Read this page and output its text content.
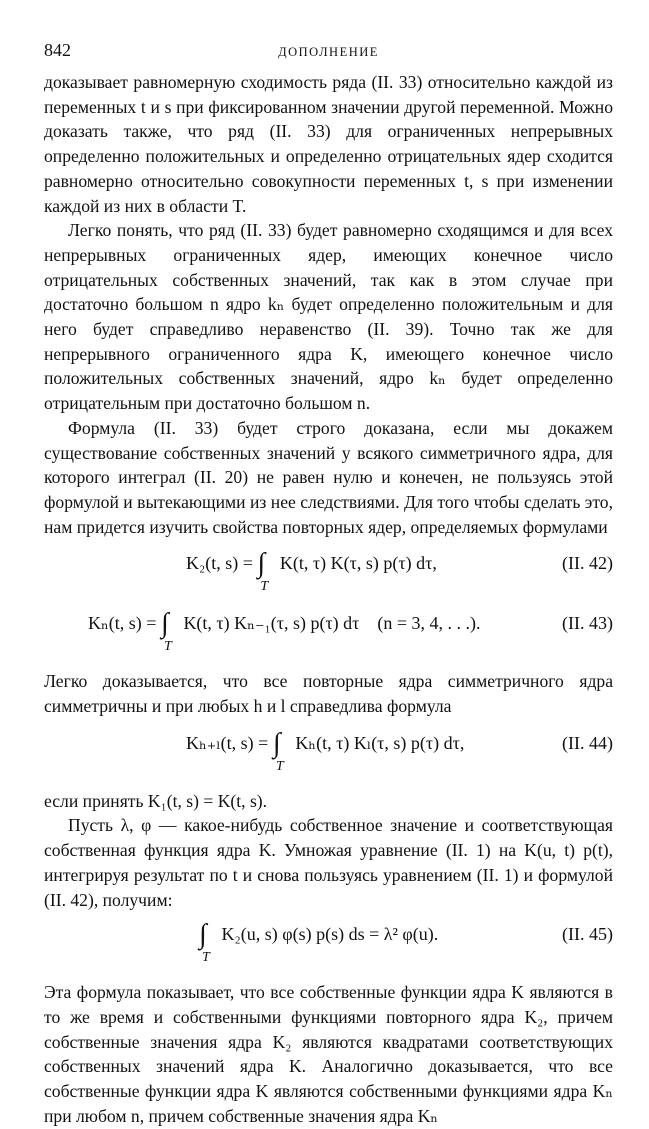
842	ДОПОЛНЕНИЕ

доказывает равномерную сходимость ряда (II. 33) относительно каждой из переменных t и s при фиксированном значении другой переменной. Можно доказать также, что ряд (II. 33) для ограниченных непрерывных определенно положительных и определенно отрицательных ядер сходится равномерно относительно совокупности переменных t, s при изменении каждой из них в области T.

Легко понять, что ряд (II. 33) будет равномерно сходящимся и для всех непрерывных ограниченных ядер, имеющих конечное число отрицательных собственных значений, так как в этом случае при достаточно большом n ядро kₙ будет определенно положительным и для него будет справедливо неравенство (II. 39). Точно так же для непрерывного ограниченного ядра K, имеющего конечное число положительных собственных значений, ядро kₙ будет определенно отрицательным при достаточно большом n.

Формула (II. 33) будет строго доказана, если мы докажем существование собственных значений у всякого симметричного ядра, для которого интеграл (II. 20) не равен нулю и конечен, не пользуясь этой формулой и вытекающими из нее следствиями. Для того чтобы сделать это, нам придется изучить свойства повторных ядер, определяемых формулами

K₂(t, s) = ∫
T
K(t, τ) K(τ, s) p(τ) dτ,	(II. 42)
Kₙ(t, s) = ∫
T
K(t, τ) Kₙ₋₁(τ, s) p(τ) dτ (n = 3, 4, . . .).	(II. 43)

Легко доказывается, что все повторные ядра симметричного ядра симметричны и при любых h и l справедлива формула

Kₕ₊ₗ(t, s) = ∫
T
Kₕ(t, τ) Kₗ(τ, s) p(τ) dτ,	(II. 44)

если принять K₁(t, s) = K(t, s).

Пусть λ, φ — какое-нибудь собственное значение и соответствующая собственная функция ядра K. Умножая уравнение (II. 1) на K(u, t) p(t), интегрируя результат по t и снова пользуясь уравнением (II. 1) и формулой (II. 42), получим:

∫
T
K₂(u, s) φ(s) p(s) ds = λ² φ(u).	(II. 45)

Эта формула показывает, что все собственные функции ядра K являются в то же время и собственными функциями повторного ядра K₂, причем собственные значения ядра K₂ являются квадратами соответствующих собственных значений ядра K. Аналогично доказывается, что все собственные функции ядра K являются собственными функциями ядра Kₙ при любом n, причем собственные значения ядра Kₙ
